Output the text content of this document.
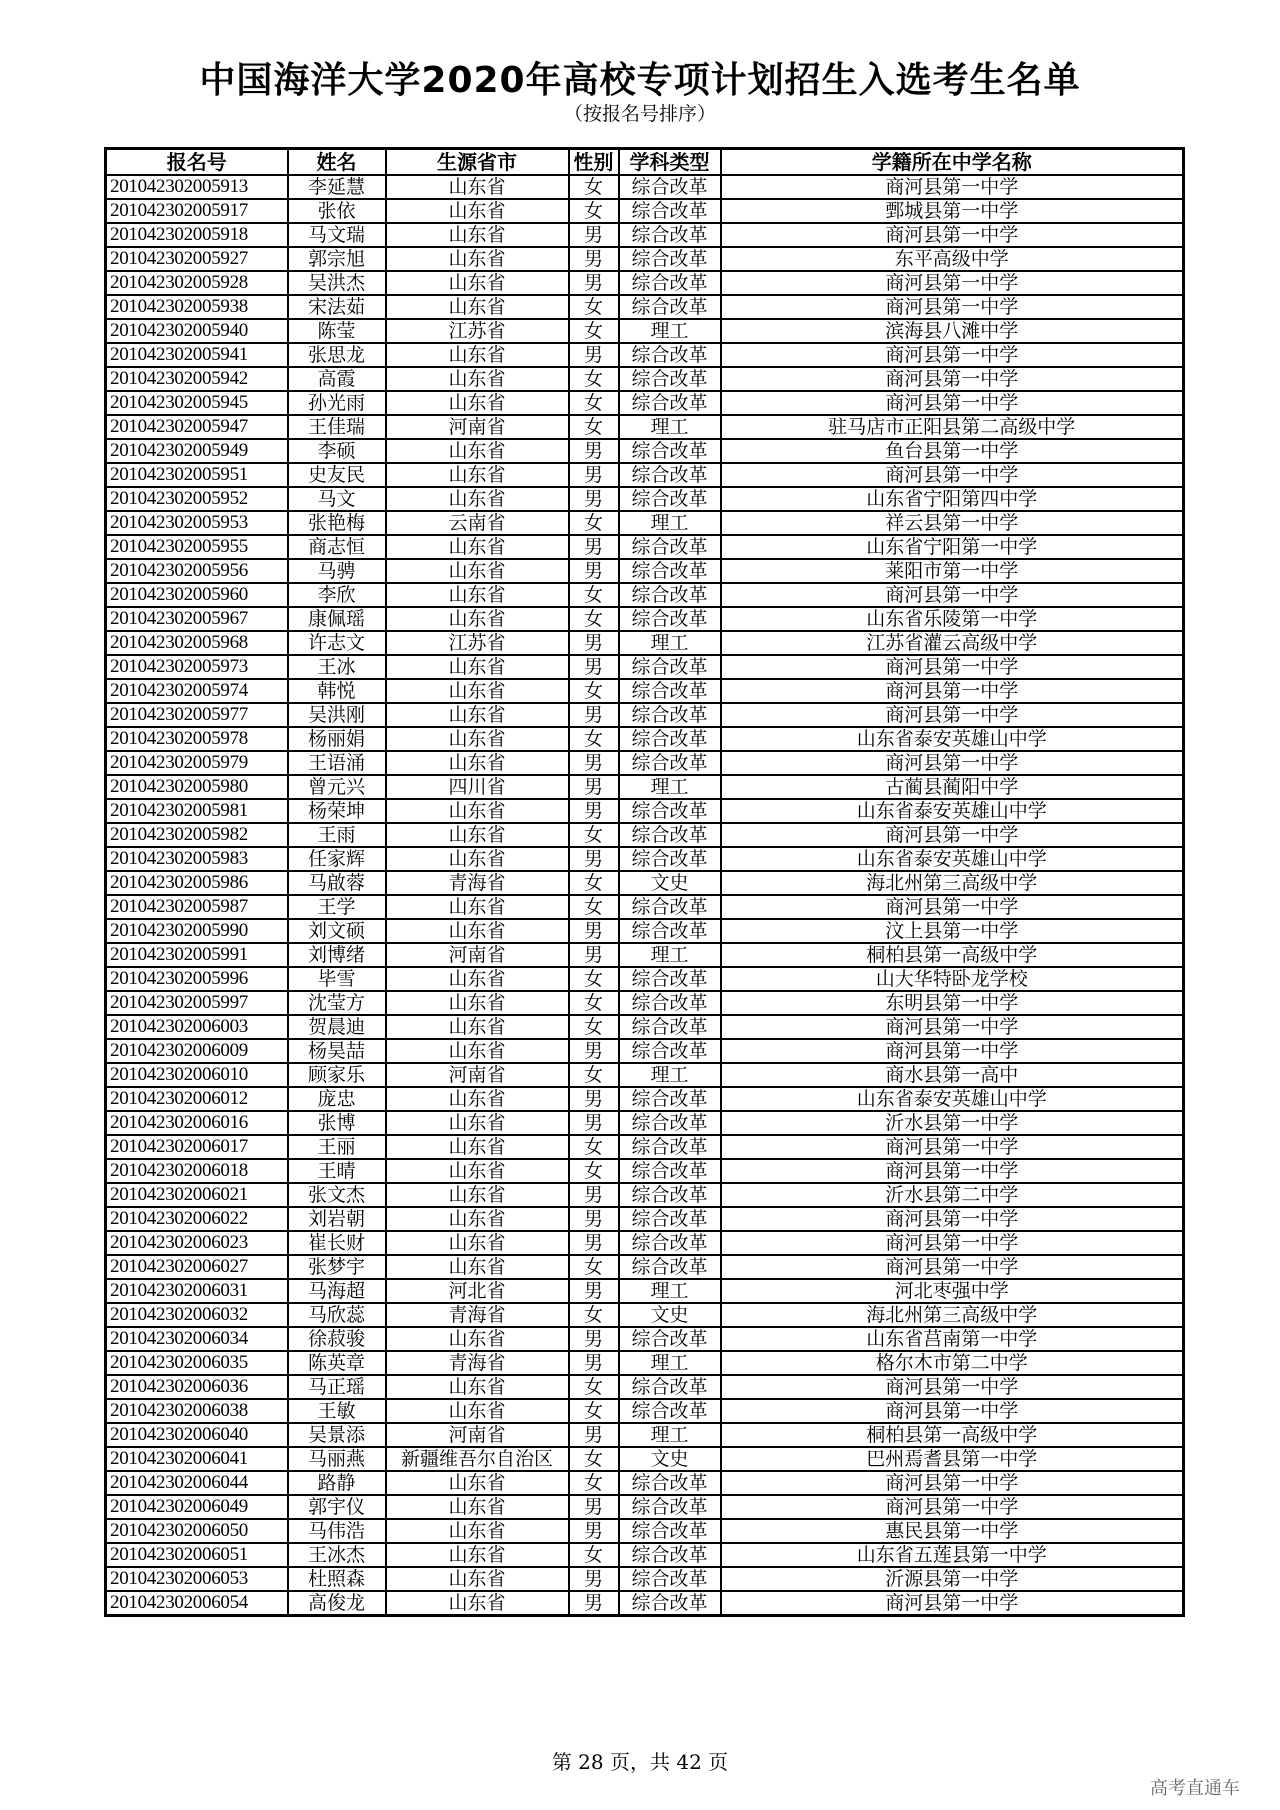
中国海洋大学2020年高校专项计划招生入选考生名单
（按报名号排序）
报名号	姓名	生源省市	性别	学科类型	学籍所在中学名称
201042302005913	李延慧	山东省	女	综合改革	商河县第一中学
201042302005917	张依	山东省	女	综合改革	鄄城县第一中学
201042302005918	马文瑞	山东省	男	综合改革	商河县第一中学
201042302005927	郭宗旭	山东省	男	综合改革	东平高级中学
201042302005928	吴洪杰	山东省	男	综合改革	商河县第一中学
201042302005938	宋法茹	山东省	女	综合改革	商河县第一中学
201042302005940	陈莹	江苏省	女	理工	滨海县八滩中学
201042302005941	张思龙	山东省	男	综合改革	商河县第一中学
201042302005942	高霞	山东省	女	综合改革	商河县第一中学
201042302005945	孙光雨	山东省	女	综合改革	商河县第一中学
201042302005947	王佳瑞	河南省	女	理工	驻马店市正阳县第二高级中学
201042302005949	李硕	山东省	男	综合改革	鱼台县第一中学
201042302005951	史友民	山东省	男	综合改革	商河县第一中学
201042302005952	马文	山东省	男	综合改革	山东省宁阳第四中学
201042302005953	张艳梅	云南省	女	理工	祥云县第一中学
201042302005955	商志恒	山东省	男	综合改革	山东省宁阳第一中学
201042302005956	马骋	山东省	男	综合改革	莱阳市第一中学
201042302005960	李欣	山东省	女	综合改革	商河县第一中学
201042302005967	康佩瑶	山东省	女	综合改革	山东省乐陵第一中学
201042302005968	许志文	江苏省	男	理工	江苏省灌云高级中学
201042302005973	王冰	山东省	男	综合改革	商河县第一中学
201042302005974	韩悦	山东省	女	综合改革	商河县第一中学
201042302005977	吴洪刚	山东省	男	综合改革	商河县第一中学
201042302005978	杨丽娟	山东省	女	综合改革	山东省泰安英雄山中学
201042302005979	王语涌	山东省	男	综合改革	商河县第一中学
201042302005980	曾元兴	四川省	男	理工	古蔺县蔺阳中学
201042302005981	杨荣坤	山东省	男	综合改革	山东省泰安英雄山中学
201042302005982	王雨	山东省	女	综合改革	商河县第一中学
201042302005983	任家辉	山东省	男	综合改革	山东省泰安英雄山中学
201042302005986	马啟蓉	青海省	女	文史	海北州第三高级中学
201042302005987	王学	山东省	女	综合改革	商河县第一中学
201042302005990	刘文硕	山东省	男	综合改革	汶上县第一中学
201042302005991	刘博绪	河南省	男	理工	桐柏县第一高级中学
201042302005996	毕雪	山东省	女	综合改革	山大华特卧龙学校
201042302005997	沈莹方	山东省	女	综合改革	东明县第一中学
201042302006003	贺晨迪	山东省	女	综合改革	商河县第一中学
201042302006009	杨昊喆	山东省	男	综合改革	商河县第一中学
201042302006010	顾家乐	河南省	女	理工	商水县第一高中
201042302006012	庞忠	山东省	男	综合改革	山东省泰安英雄山中学
201042302006016	张博	山东省	男	综合改革	沂水县第一中学
201042302006017	王丽	山东省	女	综合改革	商河县第一中学
201042302006018	王晴	山东省	女	综合改革	商河县第一中学
201042302006021	张文杰	山东省	男	综合改革	沂水县第二中学
201042302006022	刘岩朝	山东省	男	综合改革	商河县第一中学
201042302006023	崔长财	山东省	男	综合改革	商河县第一中学
201042302006027	张梦宇	山东省	女	综合改革	商河县第一中学
201042302006031	马海超	河北省	男	理工	河北枣强中学
201042302006032	马欣蕊	青海省	女	文史	海北州第三高级中学
201042302006034	徐菽骏	山东省	男	综合改革	山东省莒南第一中学
201042302006035	陈英章	青海省	男	理工	格尔木市第二中学
201042302006036	马正瑶	山东省	女	综合改革	商河县第一中学
201042302006038	王敏	山东省	女	综合改革	商河县第一中学
201042302006040	吴景添	河南省	男	理工	桐柏县第一高级中学
201042302006041	马丽燕	新疆维吾尔自治区	女	文史	巴州焉耆县第一中学
201042302006044	路静	山东省	女	综合改革	商河县第一中学
201042302006049	郭宇仪	山东省	男	综合改革	商河县第一中学
201042302006050	马伟浩	山东省	男	综合改革	惠民县第一中学
201042302006051	王冰杰	山东省	女	综合改革	山东省五莲县第一中学
201042302006053	杜照森	山东省	男	综合改革	沂源县第一中学
201042302006054	高俊龙	山东省	男	综合改革	商河县第一中学
第 28 页，共 42 页
高考直通车
